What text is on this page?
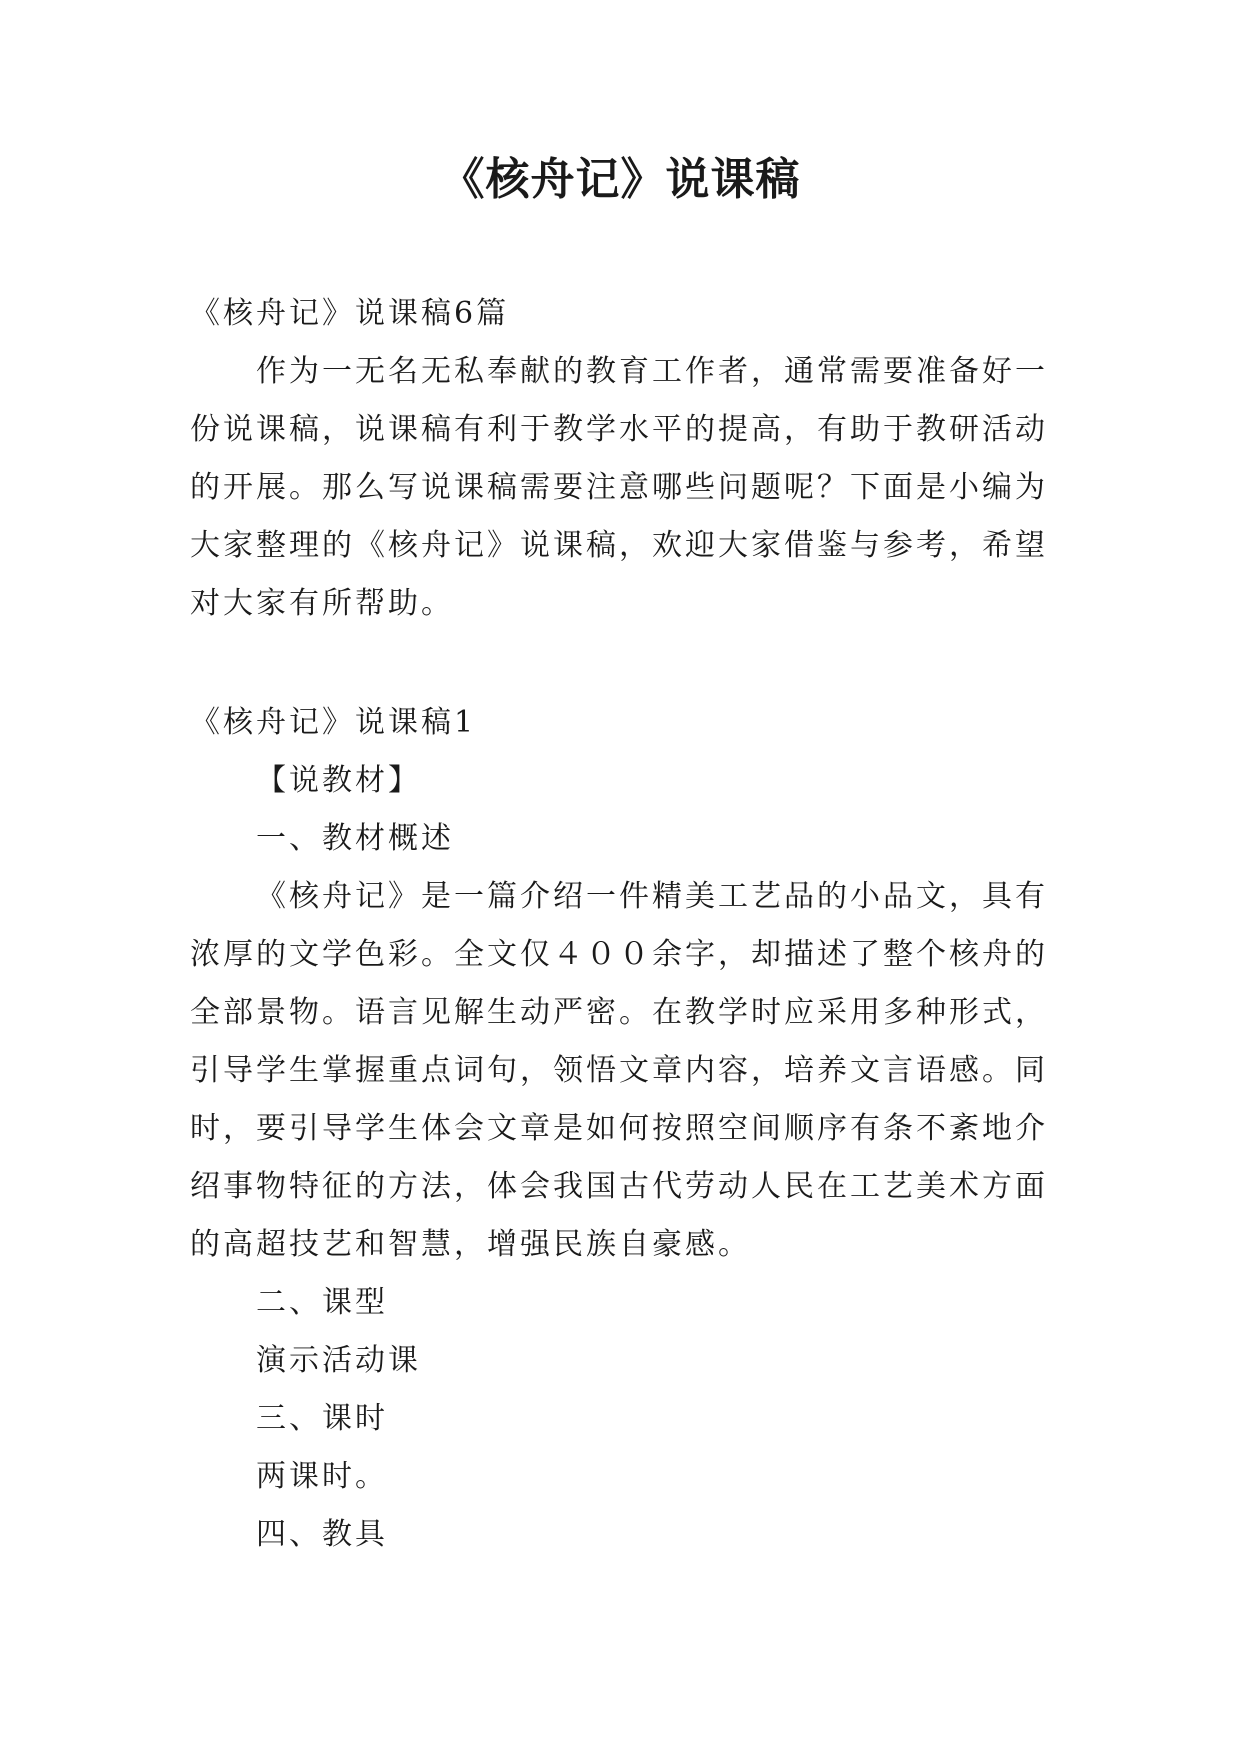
《核舟记》说课稿
《核舟记》说课稿6篇
作为一无名无私奉献的教育工作者，通常需要准备好一
份说课稿，说课稿有利于教学水平的提高，有助于教研活动
的开展。那么写说课稿需要注意哪些问题呢？下面是小编为
大家整理的《核舟记》说课稿，欢迎大家借鉴与参考，希望
对大家有所帮助。
《核舟记》说课稿1
【说教材】
一、教材概述
《核舟记》是一篇介绍一件精美工艺品的小品文，具有
浓厚的文学色彩。全文仅４００余字，却描述了整个核舟的
全部景物。语言见解生动严密。在教学时应采用多种形式，
引导学生掌握重点词句，领悟文章内容，培养文言语感。同
时，要引导学生体会文章是如何按照空间顺序有条不紊地介
绍事物特征的方法，体会我国古代劳动人民在工艺美术方面
的高超技艺和智慧，增强民族自豪感。
二、课型
演示活动课
三、课时
两课时。
四、教具
